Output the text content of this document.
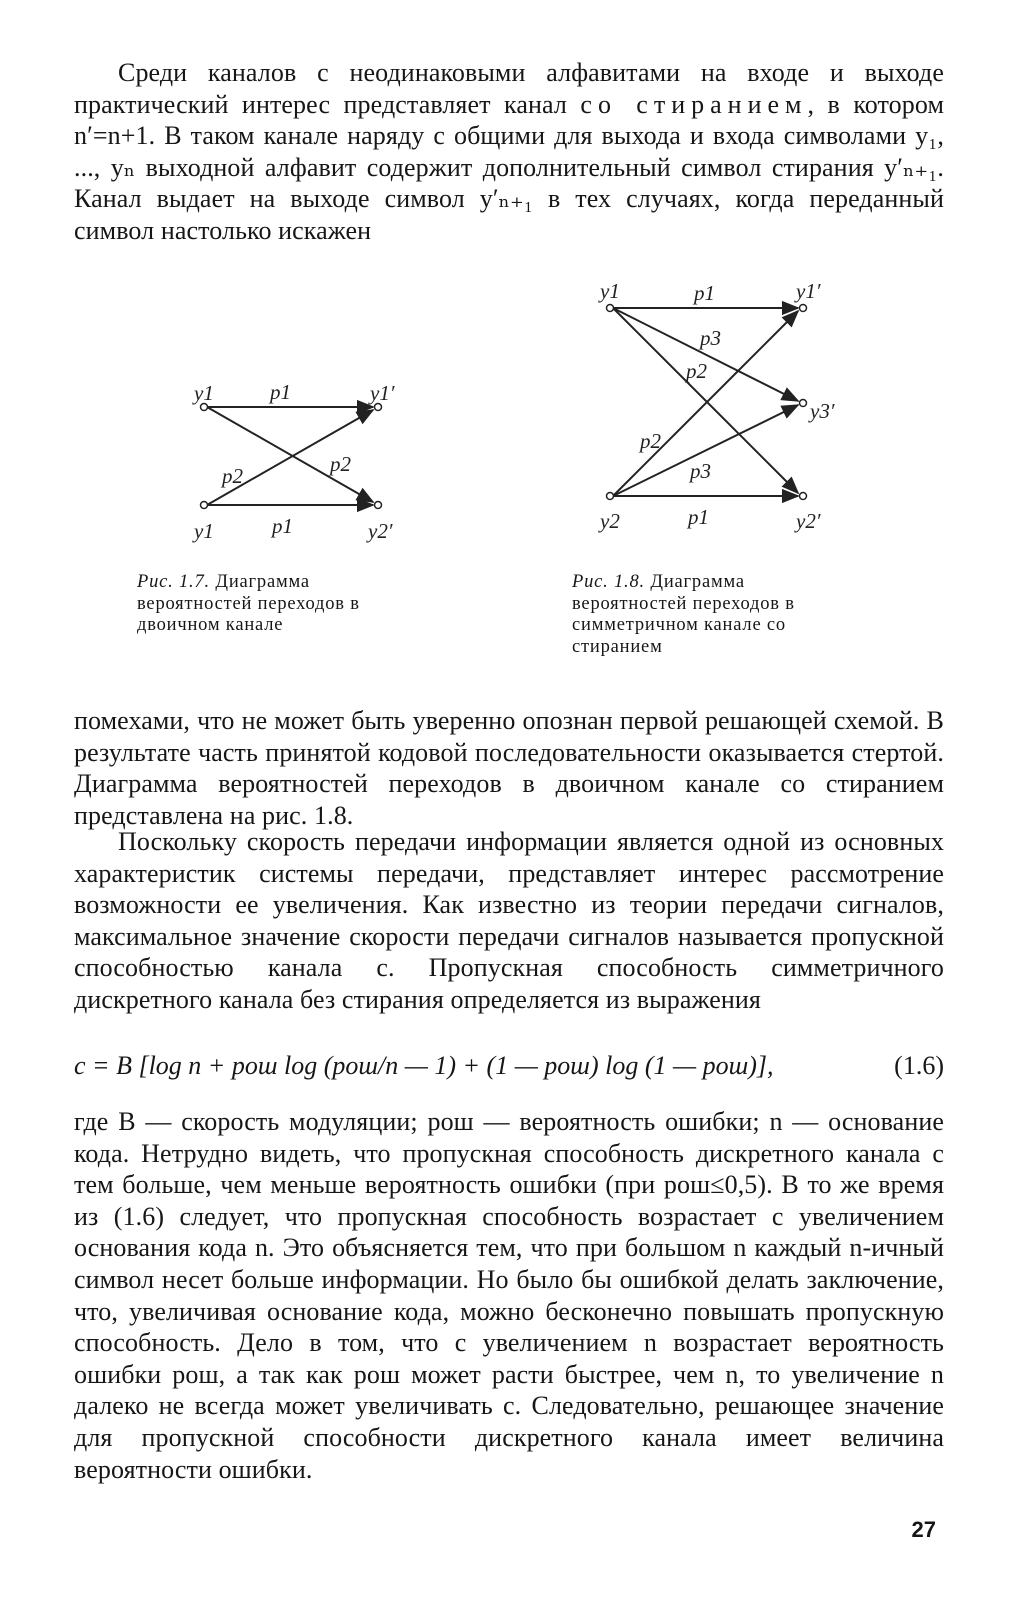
Среди каналов с неодинаковыми алфавитами на входе и выходе практический интерес представляет канал со стиранием, в котором n′=n+1. В таком канале наряду с общими для выхода и входа символами y₁, ..., yₙ выходной алфавит содержит дополнительный символ стирания y′ₙ₊₁. Канал выдает на выходе символ y′ₙ₊₁ в тех случаях, когда переданный символ настолько искажен

y1
y1
y1′
y2′
p1
p1
p2	p2
y1
y2
y1′
y3′
y2′
p1
p1
p3
p2
p2
p3

Рис. 1.7. Диаграмма вероятностей переходов в двоичном канале

Рис. 1.8. Диаграмма вероятностей переходов в симметричном канале со стиранием

помехами, что не может быть уверенно опознан первой решающей схемой. В результате часть принятой кодовой последовательности оказывается стертой. Диаграмма вероятностей переходов в двоичном канале со стиранием представлена на рис. 1.8.

Поскольку скорость передачи информации является одной из основных характеристик системы передачи, представляет интерес рассмотрение возможности ее увеличения. Как известно из теории передачи сигналов, максимальное значение скорости передачи сигналов называется пропускной способностью канала c. Пропускная способность симметричного дискретного канала без стирания определяется из выражения

c = B [log n + pош log (pош/n — 1) + (1 — pош) log (1 — pош)],	(1.6)

где B — скорость модуляции; pош — вероятность ошибки; n — основание кода. Нетрудно видеть, что пропускная способность дискретного канала c тем больше, чем меньше вероятность ошибки (при pош≤0,5). В то же время из (1.6) следует, что пропускная способность возрастает с увеличением основания кода n. Это объясняется тем, что при большом n каждый n-ичный символ несет больше информации. Но было бы ошибкой делать заключение, что, увеличивая основание кода, можно бесконечно повышать пропускную способность. Дело в том, что с увеличением n возрастает вероятность ошибки pош, а так как pош может расти быстрее, чем n, то увеличение n далеко не всегда может увеличивать c. Следовательно, решающее значение для пропускной способности дискретного канала имеет величина вероятности ошибки.

27
